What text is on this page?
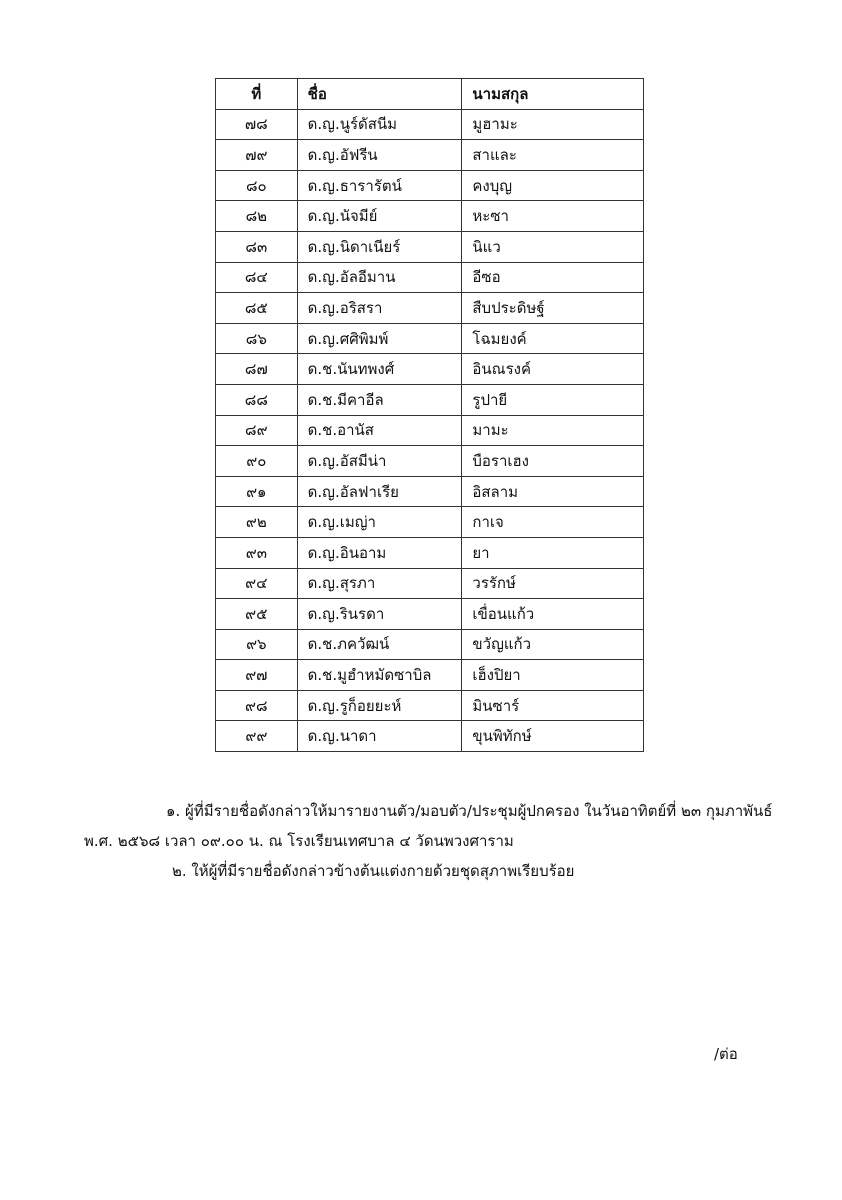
ที่	ชื่อ	นามสกุล
๗๘	ด.ญ.นูร์ดัสนีม	มูฮามะ
๗๙	ด.ญ.อัฟรีน	สาและ
๘๐	ด.ญ.ธารารัตน์	คงบุญ
๘๒	ด.ญ.นัจมีย์	หะซา
๘๓	ด.ญ.นิดาเนียร์	นิแว
๘๔	ด.ญ.อัลอีมาน	อีซอ
๘๕	ด.ญ.อริสรา	สืบประดิษฐ์
๘๖	ด.ญ.ศศิพิมพ์	โฉมยงค์
๘๗	ด.ช.นันทพงศ์	อินณรงค์
๘๘	ด.ช.มีคาอีล	รูปายี
๘๙	ด.ช.อานัส	มามะ
๙๐	ด.ญ.อัสมีน่า	บือราเฮง
๙๑	ด.ญ.อัลฟาเรีย	อิสลาม
๙๒	ด.ญ.เมญ่า	กาเจ
๙๓	ด.ญ.อินอาม	ยา
๙๔	ด.ญ.สุรภา	วรรักษ์
๙๕	ด.ญ.รินรดา	เขื่อนแก้ว
๙๖	ด.ช.ภควัฒน์	ขวัญแก้ว
๙๗	ด.ช.มูฮำหมัดซาบิล	เฮ็งปิยา
๙๘	ด.ญ.รูก็อยยะห์	มินซาร์
๙๙	ด.ญ.นาดา	ขุนพิทักษ์
๑. ผู้ที่มีรายชื่อดังกล่าวให้มารายงานตัว/มอบตัว/ประชุมผู้ปกครอง ในวันอาทิตย์ที่ ๒๓ กุมภาพันธ์
พ.ศ. ๒๕๖๘ เวลา ๐๙.๐๐ น. ณ โรงเรียนเทศบาล ๔ วัดนพวงศาราม
๒. ให้ผู้ที่มีรายชื่อดังกล่าวข้างต้นแต่งกายด้วยชุดสุภาพเรียบร้อย
/ต่อ
